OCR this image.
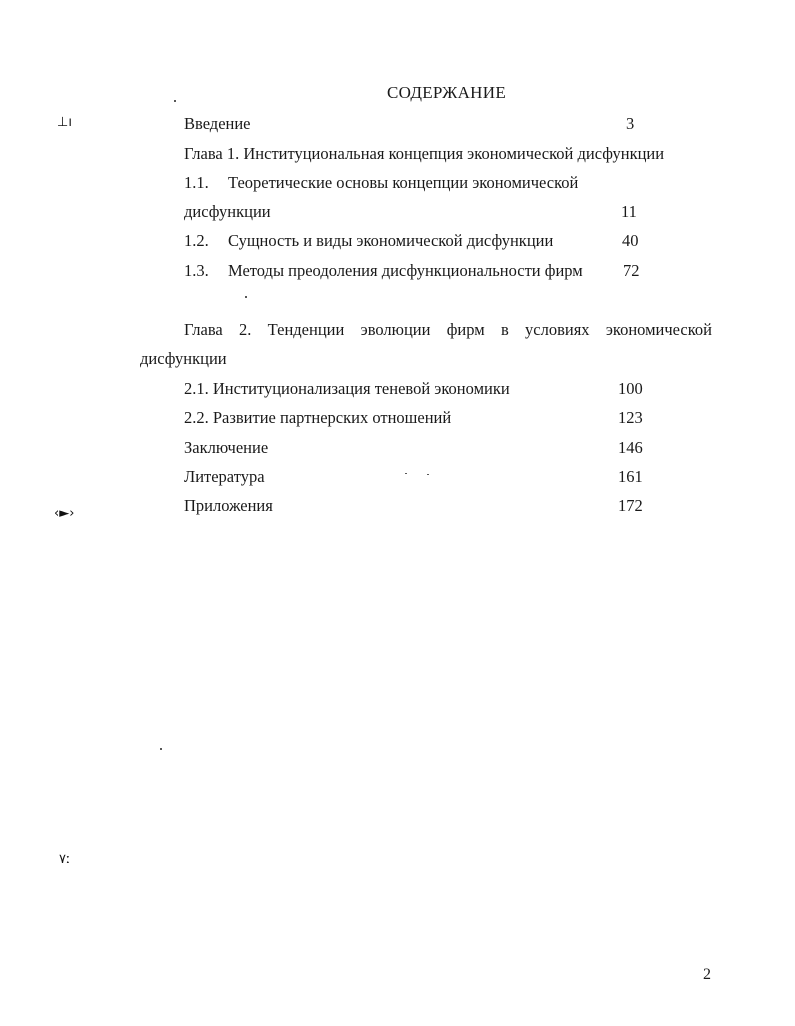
СОДЕРЖАНИЕ
Введение	3
Глава 1. Институциональная концепция экономической дисфункции
1.1. Теоретические основы концепции экономической
дисфункции	11
1.2. Сущность и виды экономической дисфункции	40
1.3. Методы преодоления дисфункциональности фирм 72
Глава 2. Тенденции эволюции фирм в условиях экономической
дисфункции
2.1. Институционализация теневой экономики	100
2.2. Развитие партнерских отношений	123
Заключение	146
Литература	161
Приложения	172
⊥ı
‹►›
٧ː
2
